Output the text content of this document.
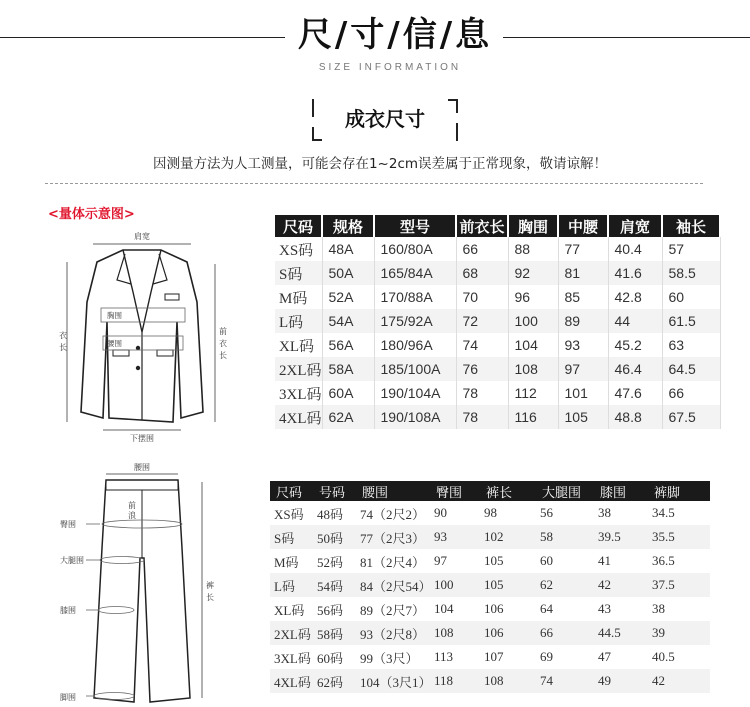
尺/寸/信/息
SIZE INFORMATION
成衣尺寸
因测量方法为人工测量，可能会存在1~2cm误差属于正常现象，敬请谅解！
<量体示意图>
肩宽
胸围
腰围
衣
长
前
衣
长
下摆围
腰围
前
浪
臀围
大腿围
膝围
脚围
裤
长
尺码	规格	型号	前衣长	胸围	中腰	肩宽	袖长
XS码	48A	160/80A	66	88	77	40.4	57
S码	50A	165/84A	68	92	81	41.6	58.5
M码	52A	170/88A	70	96	85	42.8	60
L码	54A	175/92A	72	100	89	44	61.5
XL码	56A	180/96A	74	104	93	45.2	63
2XL码	58A	185/100A	76	108	97	46.4	64.5
3XL码	60A	190/104A	78	112	101	47.6	66
4XL码	62A	190/108A	78	116	105	48.8	67.5
尺码	号码	腰围	臀围	裤长	大腿围	膝围	裤脚
XS码	48码	74（2尺2）	90	98	56	38	34.5
S码	50码	77（2尺3）	93	102	58	39.5	35.5
M码	52码	81（2尺4）	97	105	60	41	36.5
L码	54码	84（2尺54）	100	105	62	42	37.5
XL码	56码	89（2尺7）	104	106	64	43	38
2XL码	58码	93（2尺8）	108	106	66	44.5	39
3XL码	60码	99（3尺）	113	107	69	47	40.5
4XL码	62码	104（3尺1）	118	108	74	49	42
